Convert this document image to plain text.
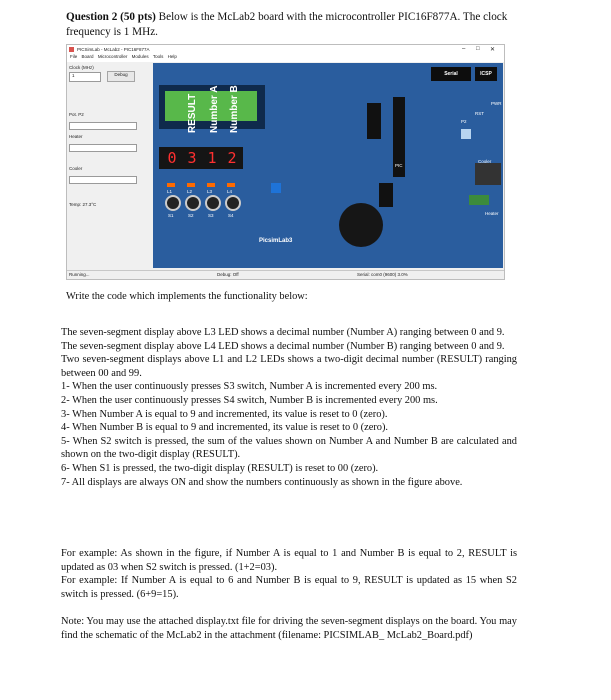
Question 2 (50 pts) Below is the McLab2 board with the microcontroller PIC16F877A. The clock frequency is 1 MHz.
PICSimLab - McLab2 - PIC16F877A	– □ ✕
File Board Microcontroller Modules Tools Help
Clock (MHz)
1	Debug
Pot. P2
Heater
Cooler
Temp: 27.3°C
RESULT Number A Number B
0 3 1 2
L1	L2	L3	L4
S1	S2	S3	S4
PIC
Serial	ICSP
RST
PWR
P2
Cooler
Heater
PicsimLab3
Running...	Debug: Off	Serial: com0 (9600) 3.0%
Write the code which implements the functionality below:

The seven-segment display above L3 LED shows a decimal number (Number A) ranging between 0 and 9.

The seven-segment display above L4 LED shows a decimal number (Number B) ranging between 0 and 9.

Two seven-segment displays above L1 and L2 LEDs shows a two-digit decimal number (RESULT) ranging between 00 and 99.

1- When the user continuously presses S3 switch, Number A is incremented every 200 ms.

2- When the user continuously presses S4 switch, Number B is incremented every 200 ms.

3- When Number A is equal to 9 and incremented, its value is reset to 0 (zero).

4- When Number B is equal to 9 and incremented, its value is reset to 0 (zero).

5- When S2 switch is pressed, the sum of the values shown on Number A and Number B are calculated and shown on the two-digit display (RESULT).

6- When S1 is pressed, the two-digit display (RESULT) is reset to 00 (zero).

7- All displays are always ON and show the numbers continuously as shown in the figure above.

For example: As shown in the figure, if Number A is equal to 1 and Number B is equal to 2, RESULT is updated as 03 when S2 switch is pressed. (1+2=03).

For example: If Number A is equal to 6 and Number B is equal to 9, RESULT is updated as 15 when S2 switch is pressed. (6+9=15).

Note: You may use the attached display.txt file for driving the seven-segment displays on the board. You may find the schematic of the McLab2 in the attachment (filename: PICSIMLAB_ McLab2_Board.pdf)
